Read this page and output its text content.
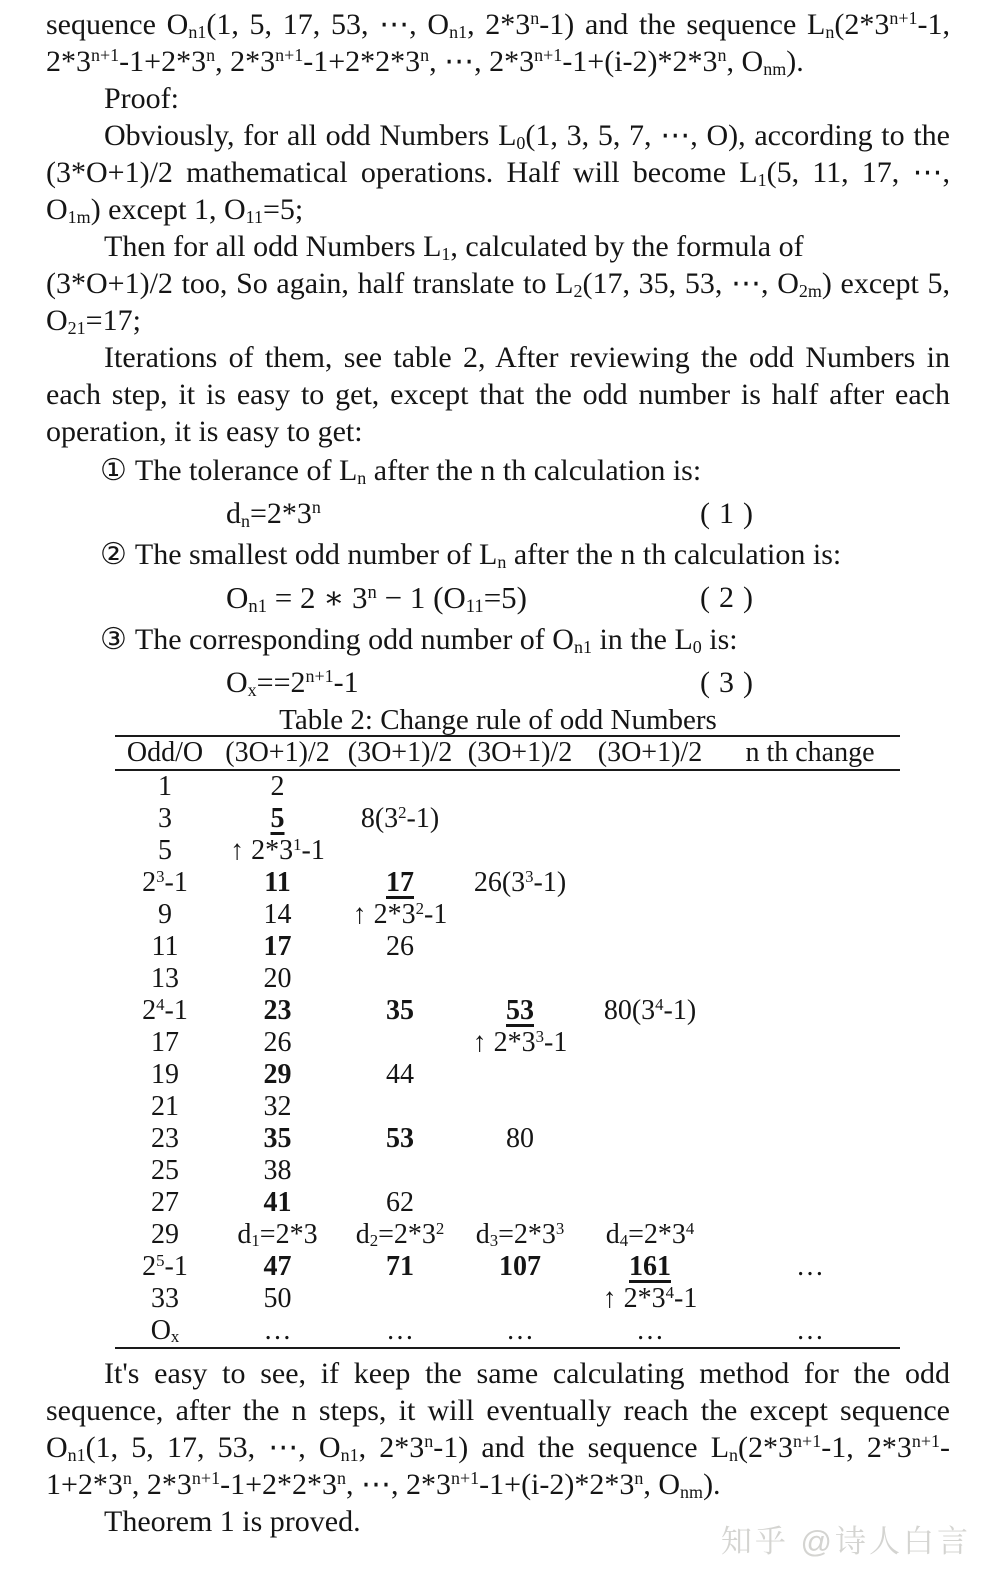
sequence $O_{n1}(1$, 5, 17, 53, ⋯, $O_{n1}$, 2*3$^n$-1) and the sequence $L_n(2*3^{n+1}-1$,
$2*3^{n+1}-1+2*3^n$, $2*3^{n+1}-1+2*2*3^n$, ⋯, $2*3^{n+1}-1+(i-2)*2*3^n$, $O_{nm}$).
Proof:
Obviously, for all odd Numbers $L_0(1$, 3, 5, 7, ⋯, O), according to the
(3*O+1)/2 mathematical operations. Half will become $L_1(5$, 11, 17, ⋯,
$O_{1m}$) except 1, $O_{11}=5$;
Then for all odd Numbers $L_1$, calculated by the formula of
(3*O+1)/2 too, So again, half translate to $L_2(17$, 35, 53, ⋯, $O_{2m}$) except 5,
$O_{21}=17$;
Iterations of them, see table 2, After reviewing the odd Numbers in
each step, it is easy to get, except that the odd number is half after each
operation, it is easy to get:
① The tolerance of $L_n$ after the n th calculation is:
$d_n=2*3^n$	(1)
② The smallest odd number of $L_n$ after the n th calculation is:
$O_{n1} = 2$ ∗ $3^n - 1$ $(O_{11}=5)$	(2)
③ The corresponding odd number of $O_{n1}$ in the $L_0$ is:
$O_x==2^{n+1}-1$	(3)
Table 2: Change rule of odd Numbers
Odd/O	(3O+1)/2	(3O+1)/2	(3O+1)/2	(3O+1)/2	n th change
1	2				
3	5	$8(3^2-1)$			
5	↑ $2*3^1-1$				
$2^3-1$	11	17	$26(3^3-1)$		
9	14	↑ $2*3^2-1$			
11	17	26			
13	20				
$2^4-1$	23	35	53	$80(3^4-1)$	
17	26		↑ $2*3^3-1$		
19	29	44			
21	32				
23	35	53	80		
25	38				
27	41	62			
29	$d_1=2*3$	$d_2=2*3^2$	$d_3=2*3^3$	$d_4=2*3^4$	
$2^5-1$	47	71	107	161	…
33	50			↑ $2*3^4-1$	
$O_x$	…	…	…	…	…
It's easy to see, if keep the same calculating method for the odd
sequence, after the n steps, it will eventually reach the except sequence
$O_{n1}(1$, 5, 17, 53, ⋯, $O_{n1}$, 2*3$^n$-1) and the sequence $L_n(2*3^{n+1}-1$, $2*3^{n+1}-$
$1+2*3^n$, $2*3^{n+1}-1+2*2*3^n$, ⋯, $2*3^{n+1}-1+(i-2)*2*3^n$, $O_{nm}$).
Theorem 1 is proved.
知乎 @诗人白言
